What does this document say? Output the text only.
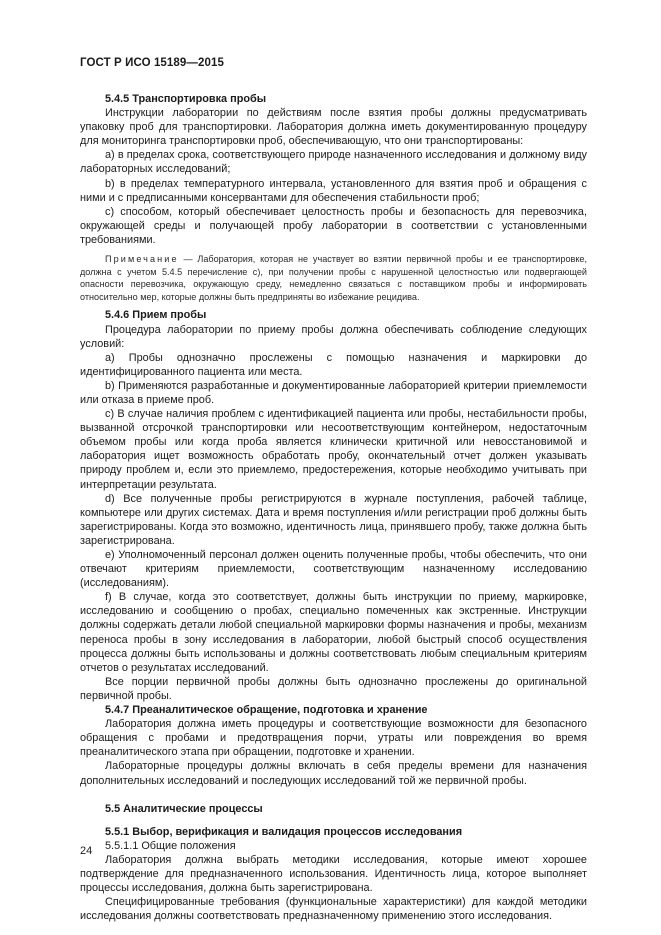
ГОСТ Р ИСО 15189—2015

5.4.5 Транспортировка пробы

Инструкции лаборатории по действиям после взятия пробы должны предусматривать упаковку проб для транспортировки. Лаборатория должна иметь документированную процедуру для мониторинга транспортировки проб, обеспечивающую, что они транспортированы:

а) в пределах срока, соответствующего природе назначенного исследования и должному виду лабораторных исследований;

b) в пределах температурного интервала, установленного для взятия проб и обращения с ними и с предписанными консервантами для обеспечения стабильности проб;

c) способом, который обеспечивает целостность пробы и безопасность для перевозчика, окружающей среды и получающей пробу лаборатории в соответствии с установленными требованиями.

Примечание — Лаборатория, которая не участвует во взятии первичной пробы и ее транспортировке, должна с учетом 5.4.5 перечисление с), при получении пробы с нарушенной целостностью или подвергающей опасности перевозчика, окружающую среду, немедленно связаться с поставщиком пробы и информировать относительно мер, которые должны быть предприняты во избежание рецидива.

5.4.6 Прием пробы

Процедура лаборатории по приему пробы должна обеспечивать соблюдение следующих условий:

а) Пробы однозначно прослежены с помощью назначения и маркировки до идентифицированного пациента или места.

b) Применяются разработанные и документированные лабораторией критерии приемлемости или отказа в приеме проб.

c) В случае наличия проблем с идентификацией пациента или пробы, нестабильности пробы, вызванной отсрочкой транспортировки или несоответствующим контейнером, недостаточным объемом пробы или когда проба является клинически критичной или невосстановимой и лаборатория ищет возможность обработать пробу, окончательный отчет должен указывать природу проблем и, если это приемлемо, предостережения, которые необходимо учитывать при интерпретации результата.

d) Все полученные пробы регистрируются в журнале поступления, рабочей таблице, компьютере или других системах. Дата и время поступления и/или регистрации проб должны быть зарегистрированы. Когда это возможно, идентичность лица, принявшего пробу, также должна быть зарегистрирована.

e) Уполномоченный персонал должен оценить полученные пробы, чтобы обеспечить, что они отвечают критериям приемлемости, соответствующим назначенному исследованию (исследованиям).

f) В случае, когда это соответствует, должны быть инструкции по приему, маркировке, исследованию и сообщению о пробах, специально помеченных как экстренные. Инструкции должны содержать детали любой специальной маркировки формы назначения и пробы, механизм переноса пробы в зону исследования в лаборатории, любой быстрый способ осуществления процесса должны быть использованы и должны соответствовать любым специальным критериям отчетов о результатах исследований.

Все порции первичной пробы должны быть однозначно прослежены до оригинальной первичной пробы.

5.4.7 Преаналитическое обращение, подготовка и хранение

Лаборатория должна иметь процедуры и соответствующие возможности для безопасного обращения с пробами и предотвращения порчи, утраты или повреждения во время преаналитического этапа при обращении, подготовке и хранении.

Лабораторные процедуры должны включать в себя пределы времени для назначения дополнительных исследований и последующих исследований той же первичной пробы.

5.5 Аналитические процессы

5.5.1 Выбор, верификация и валидация процессов исследования

5.5.1.1 Общие положения

Лаборатория должна выбрать методики исследования, которые имеют хорошее подтверждение для предназначенного использования. Идентичность лица, которое выполняет процессы исследования, должна быть зарегистрирована.

Специфицированные требования (функциональные характеристики) для каждой методики исследования должны соответствовать предназначенному применению этого исследования.

24
